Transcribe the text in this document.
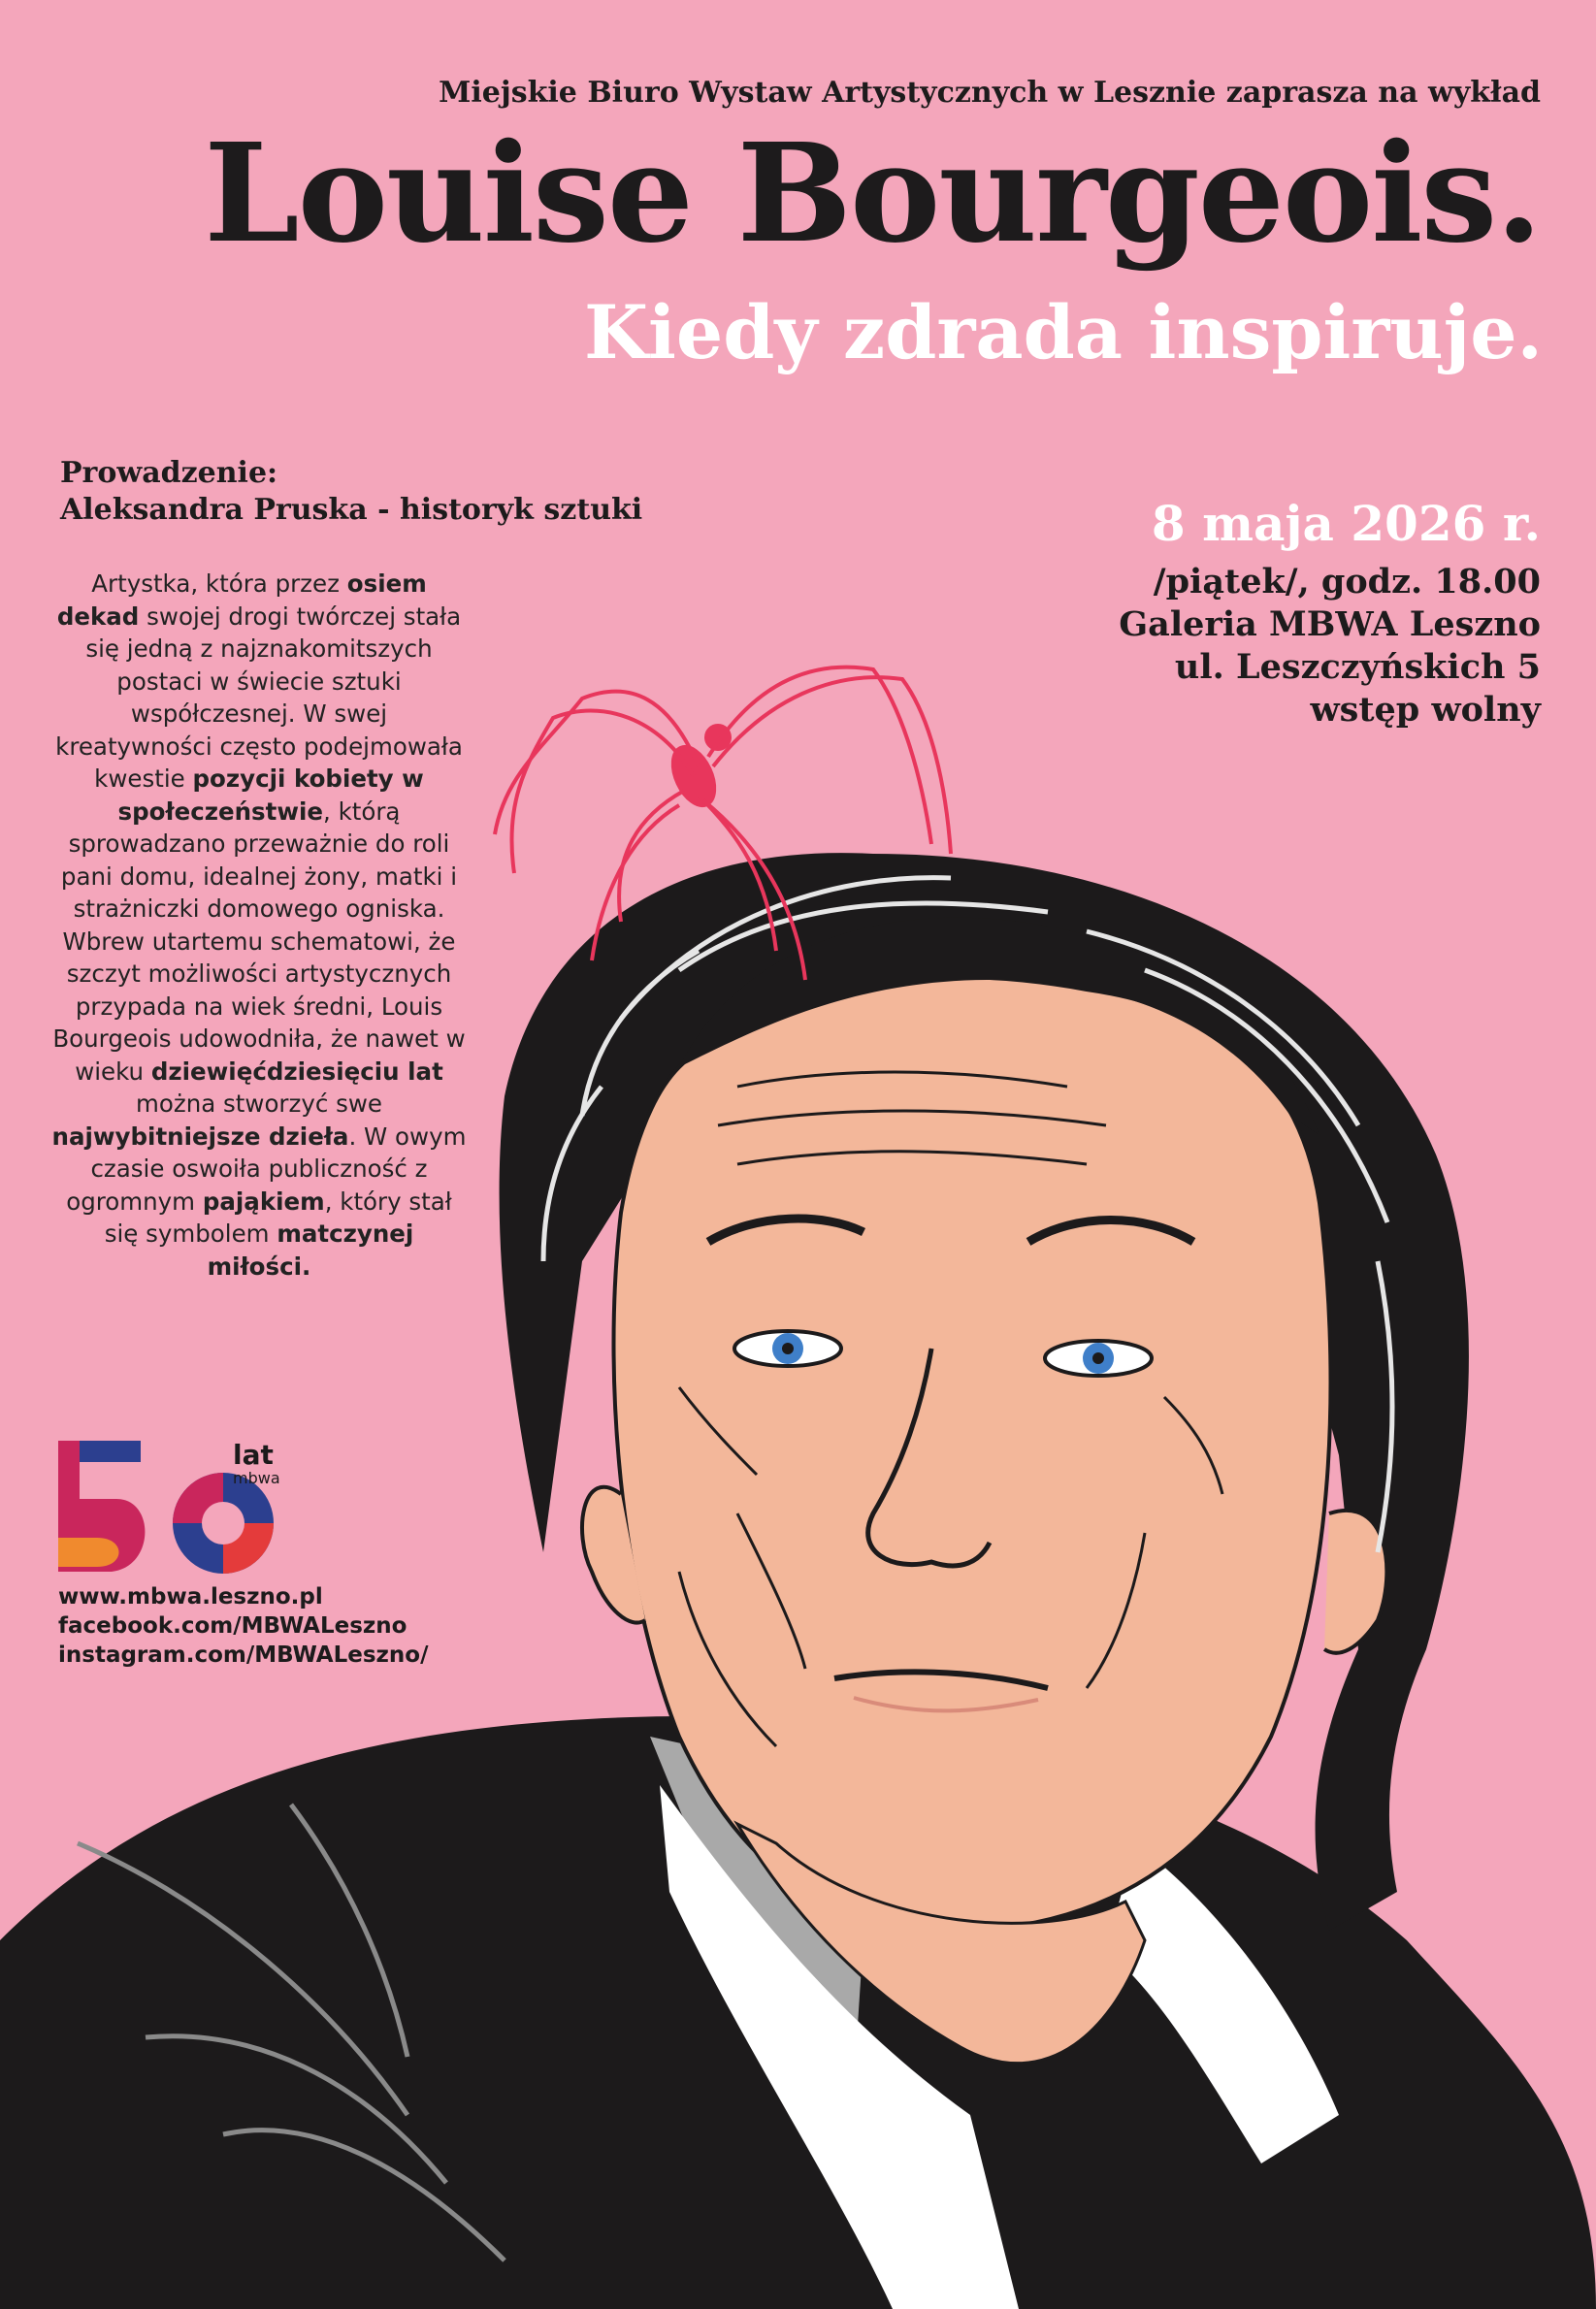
Miejskie Biuro Wystaw Artystycznych w Lesznie zaprasza na wykład
Louise Bourgeois.
Kiedy zdrada inspiruje.
Prowadzenie:
Aleksandra Pruska - historyk sztuki	8 maja 2026 r.
/piątek/, godz. 18.00
Galeria MBWA Leszno
ul. Leszczyńskich 5
wstęp wolny
Artystka, która przez osiem dekad swojej drogi twórczej stała się jedną z najznakomitszych postaci w świecie sztuki współczesnej. W swej kreatywności często podejmowała kwestie pozycji kobiety w społeczeństwie, którą sprowadzano przeważnie do roli pani domu, idealnej żony, matki i strażniczki domowego ogniska. Wbrew utartemu schematowi, że szczyt możliwości artystycznych przypada na wiek średni, Louis Bourgeois udowodniła, że nawet w wieku dziewięćdziesięciu lat można stworzyć swe najwybitniejsze dzieła. W owym czasie oswoiła publiczność z ogromnym pająkiem, który stał się symbolem matczynej miłości.
lat
mbwa
www.mbwa.leszno.pl
facebook.com/MBWALeszno
instagram.com/MBWALeszno/
